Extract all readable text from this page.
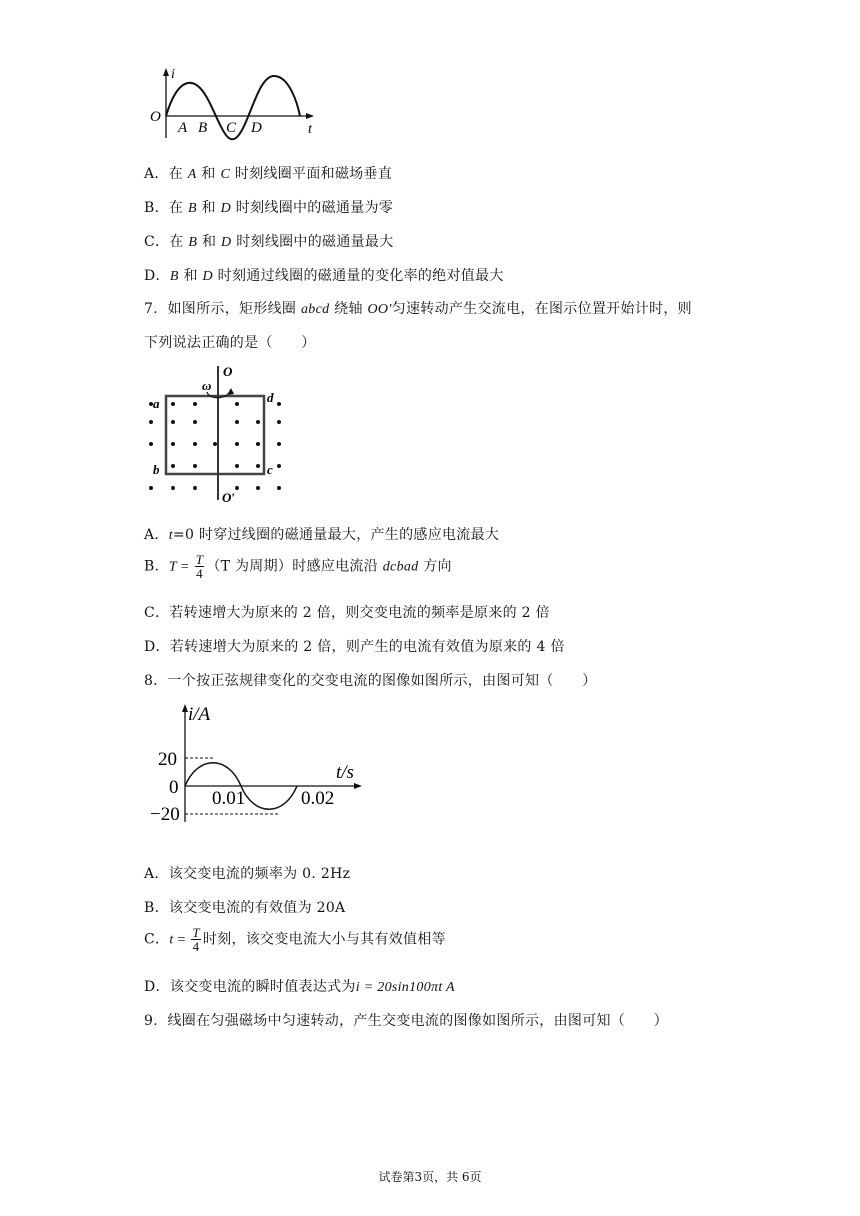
i
O
t
A B C D
A．在 A 和 C 时刻线圈平面和磁场垂直
B．在 B 和 D 时刻线圈中的磁通量为零
C．在 B 和 D 时刻线圈中的磁通量最大
D．B 和 D 时刻通过线圈的磁通量的变化率的绝对值最大
7．如图所示，矩形线圈 abcd 绕轴 OO′匀速转动产生交流电，在图示位置开始计时，则
下列说法正确的是（　　）
O
O′
ω
a	d
b	c
A．t=0 时穿过线圈的磁通量最大，产生的感应电流最大
B．$T = \frac{T}{4} (T$ 为周期）时感应电流沿 dcbad 方向
C．若转速增大为原来的 2 倍，则交变电流的频率是原来的 2 倍
D．若转速增大为原来的 2 倍，则产生的电流有效值为原来的 4 倍
8．一个按正弦规律变化的交变电流的图像如图所示，由图可知（　　）
i/A
t/s
20
0
−20
0.01	0.02
A．该交变电流的频率为 0. 2Hz
B．该交变电流的有效值为 20A
C．$t = \frac{T}{4}$ 时刻，该交变电流大小与其有效值相等
D．该交变电流的瞬时值表达式为i = 20sin100πt A
9．线圈在匀强磁场中匀速转动，产生交变电流的图像如图所示，由图可知（　　）
试卷第3页，共 6页
